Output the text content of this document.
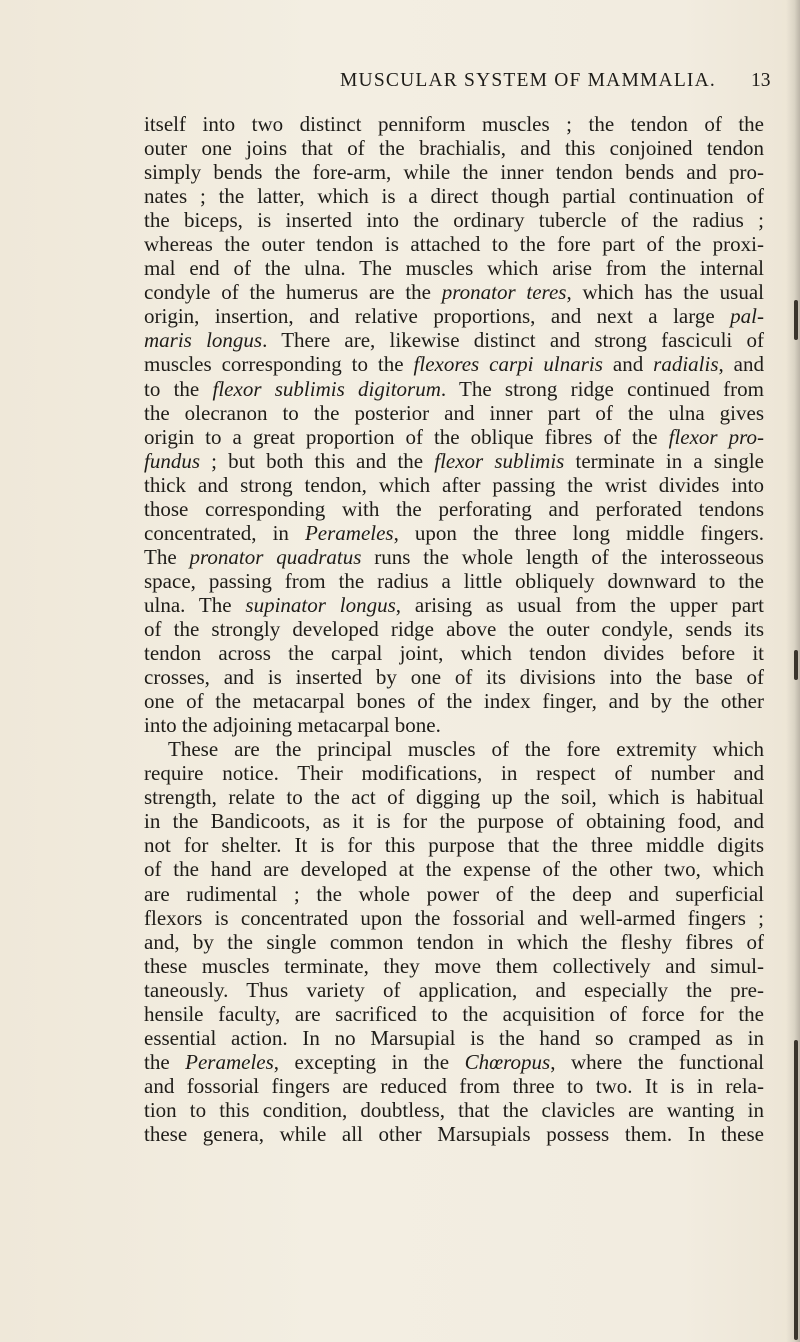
MUSCULAR SYSTEM OF MAMMALIA. 13
itself into two distinct penniform muscles ; the tendon of the
outer one joins that of the brachialis, and this conjoined tendon
simply bends the fore-arm, while the inner tendon bends and pro-
nates ; the latter, which is a direct though partial continuation of
the biceps, is inserted into the ordinary tubercle of the radius ;
whereas the outer tendon is attached to the fore part of the proxi-
mal end of the ulna. The muscles which arise from the internal
condyle of the humerus are the pronator teres, which has the usual
origin, insertion, and relative proportions, and next a large pal-
maris longus. There are, likewise distinct and strong fasciculi of
muscles corresponding to the flexores carpi ulnaris and radialis, and
to the flexor sublimis digitorum. The strong ridge continued from
the olecranon to the posterior and inner part of the ulna gives
origin to a great proportion of the oblique fibres of the flexor pro-
fundus ; but both this and the flexor sublimis terminate in a single
thick and strong tendon, which after passing the wrist divides into
those corresponding with the perforating and perforated tendons
concentrated, in Perameles, upon the three long middle fingers.
The pronator quadratus runs the whole length of the interosseous
space, passing from the radius a little obliquely downward to the
ulna. The supinator longus, arising as usual from the upper part
of the strongly developed ridge above the outer condyle, sends its
tendon across the carpal joint, which tendon divides before it
crosses, and is inserted by one of its divisions into the base of
one of the metacarpal bones of the index finger, and by the other
into the adjoining metacarpal bone.
These are the principal muscles of the fore extremity which
require notice. Their modifications, in respect of number and
strength, relate to the act of digging up the soil, which is habitual
in the Bandicoots, as it is for the purpose of obtaining food, and
not for shelter. It is for this purpose that the three middle digits
of the hand are developed at the expense of the other two, which
are rudimental ; the whole power of the deep and superficial
flexors is concentrated upon the fossorial and well-armed fingers ;
and, by the single common tendon in which the fleshy fibres of
these muscles terminate, they move them collectively and simul-
taneously. Thus variety of application, and especially the pre-
hensile faculty, are sacrificed to the acquisition of force for the
essential action. In no Marsupial is the hand so cramped as in
the Perameles, excepting in the Chœropus, where the functional
and fossorial fingers are reduced from three to two. It is in rela-
tion to this condition, doubtless, that the clavicles are wanting in
these genera, while all other Marsupials possess them. In these
